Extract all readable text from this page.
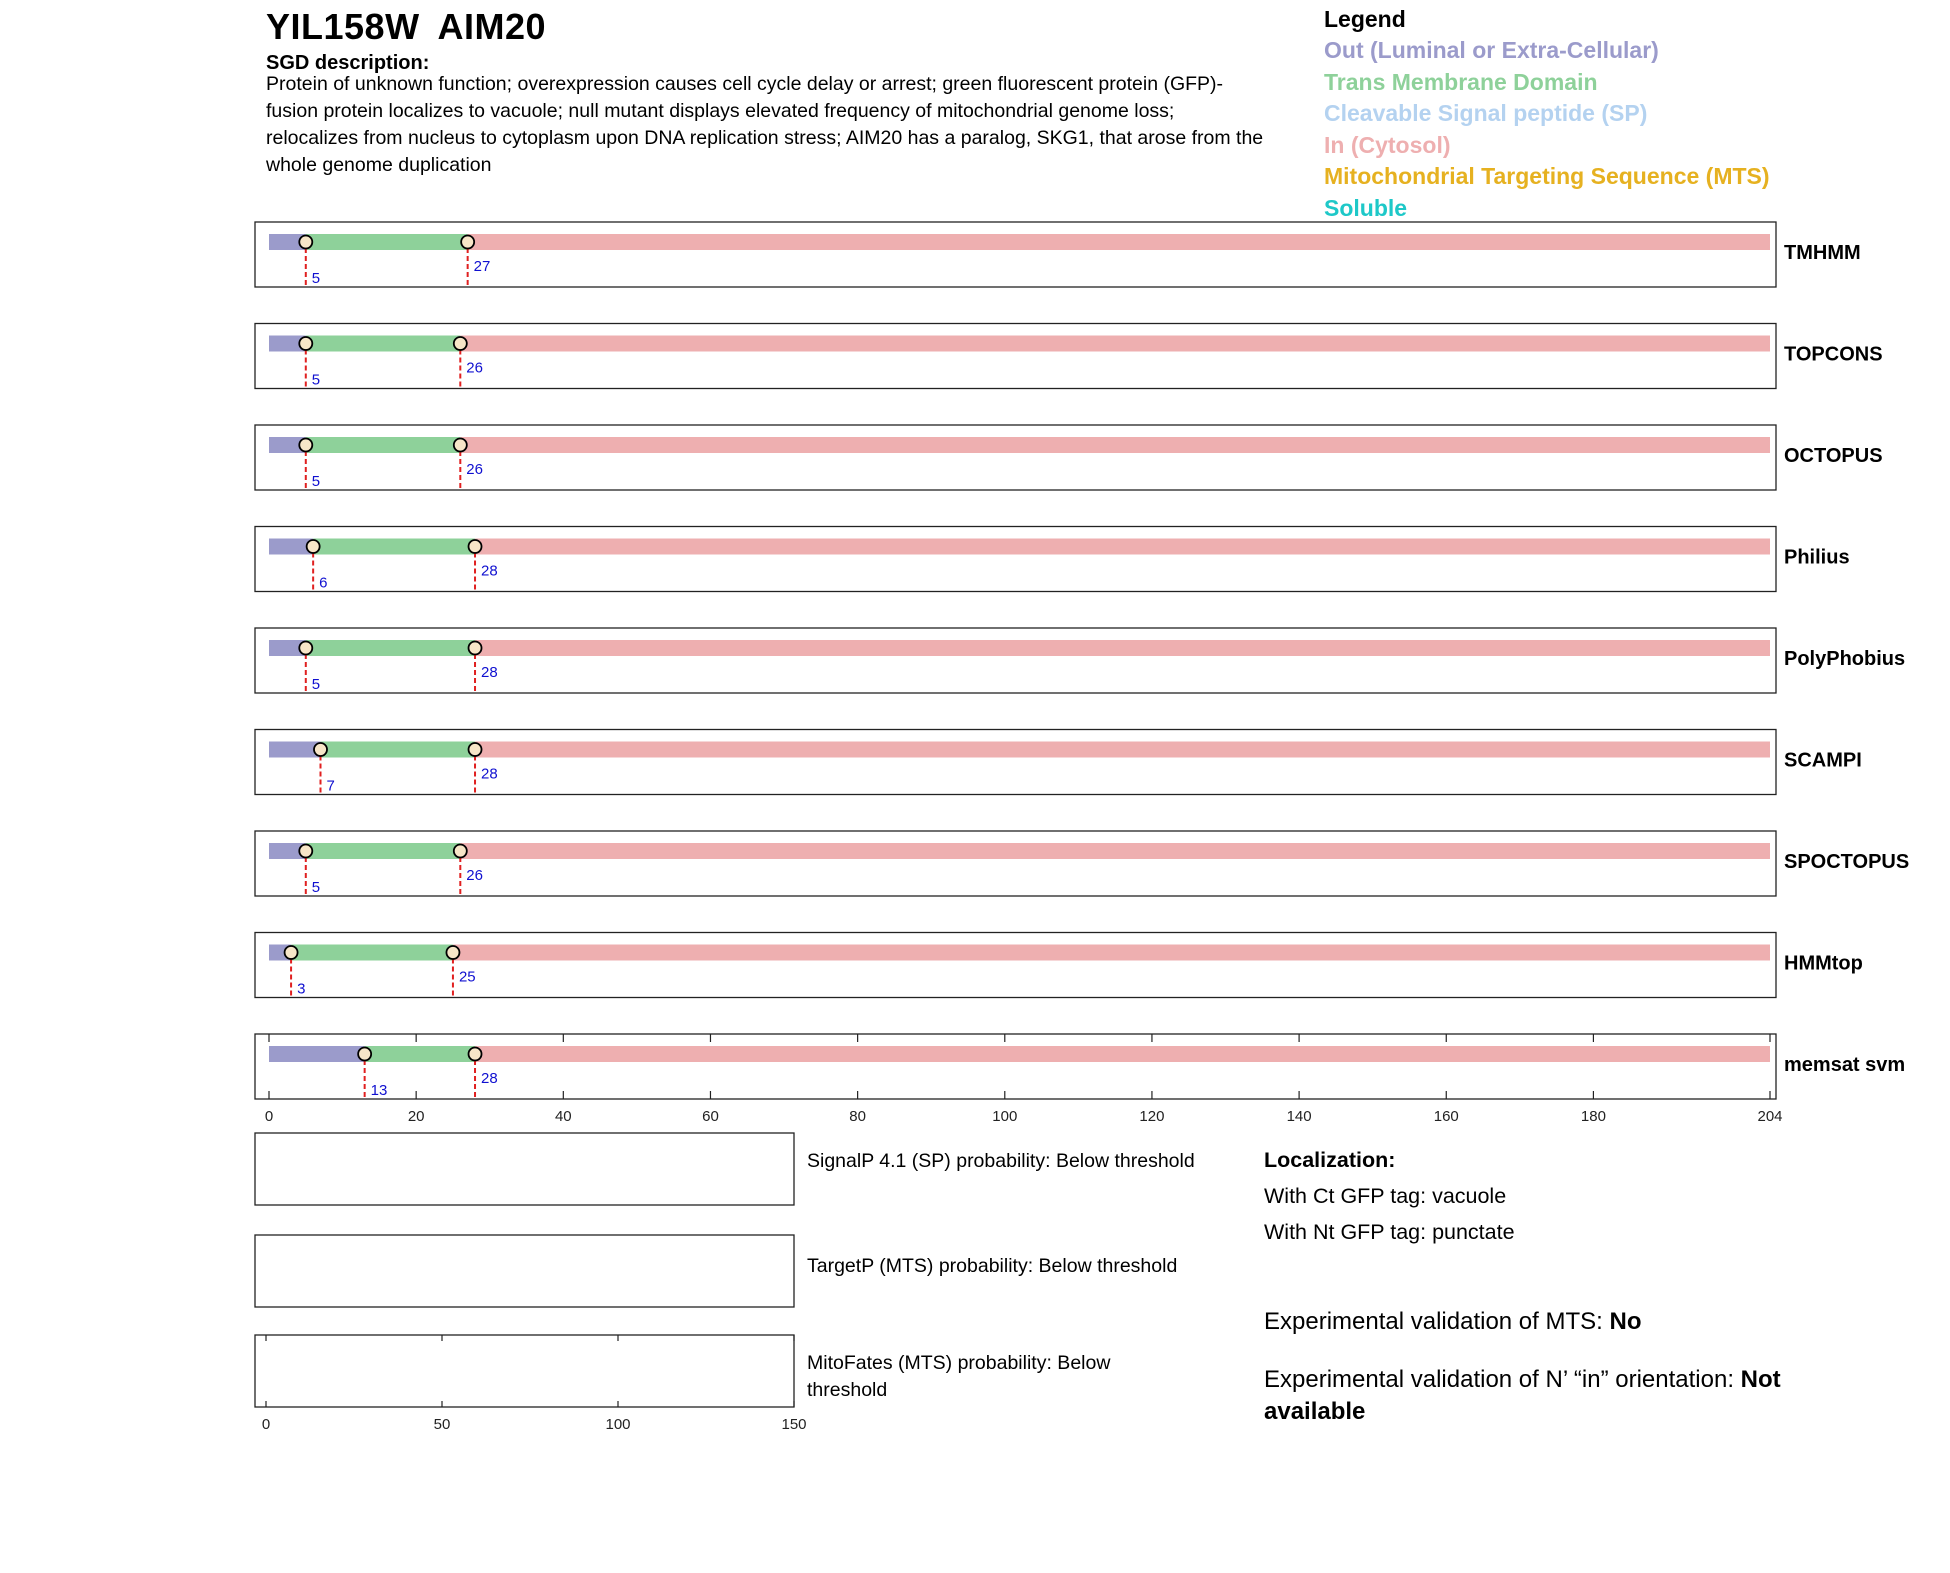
YIL158W AIM20
SGD description:
Protein of unknown function; overexpression causes cell cycle delay or arrest; green fluorescent protein (GFP)-fusion protein localizes to vacuole; null mutant displays elevated frequency of mitochondrial genome loss; relocalizes from nucleus to cytoplasm upon DNA replication stress; AIM20 has a paralog, SKG1, that arose from the whole genome duplication
Legend
Out (Luminal or Extra-Cellular)
Trans Membrane Domain
Cleavable Signal peptide (SP)
In (Cytosol)
Mitochondrial Targeting Sequence (MTS)
Soluble
5
27
TMHMM
5
26
TOPCONS
5
26
OCTOPUS
6
28
Philius
5
28
PolyPhobius
7
28
SCAMPI
5
26
SPOCTOPUS
3
25
HMMtop
13
28
memsat svm
0	20	40	60	80	100	120	140	160	180	204
0	50	100	150
SignalP 4.1 (SP) probability: Below threshold
TargetP (MTS) probability: Below threshold
MitoFates (MTS) probability: Below threshold
Localization:
With Ct GFP tag: vacuole
With Nt GFP tag: punctate
Experimental validation of MTS: No
Experimental validation of N’ “in” orientation: Not available
